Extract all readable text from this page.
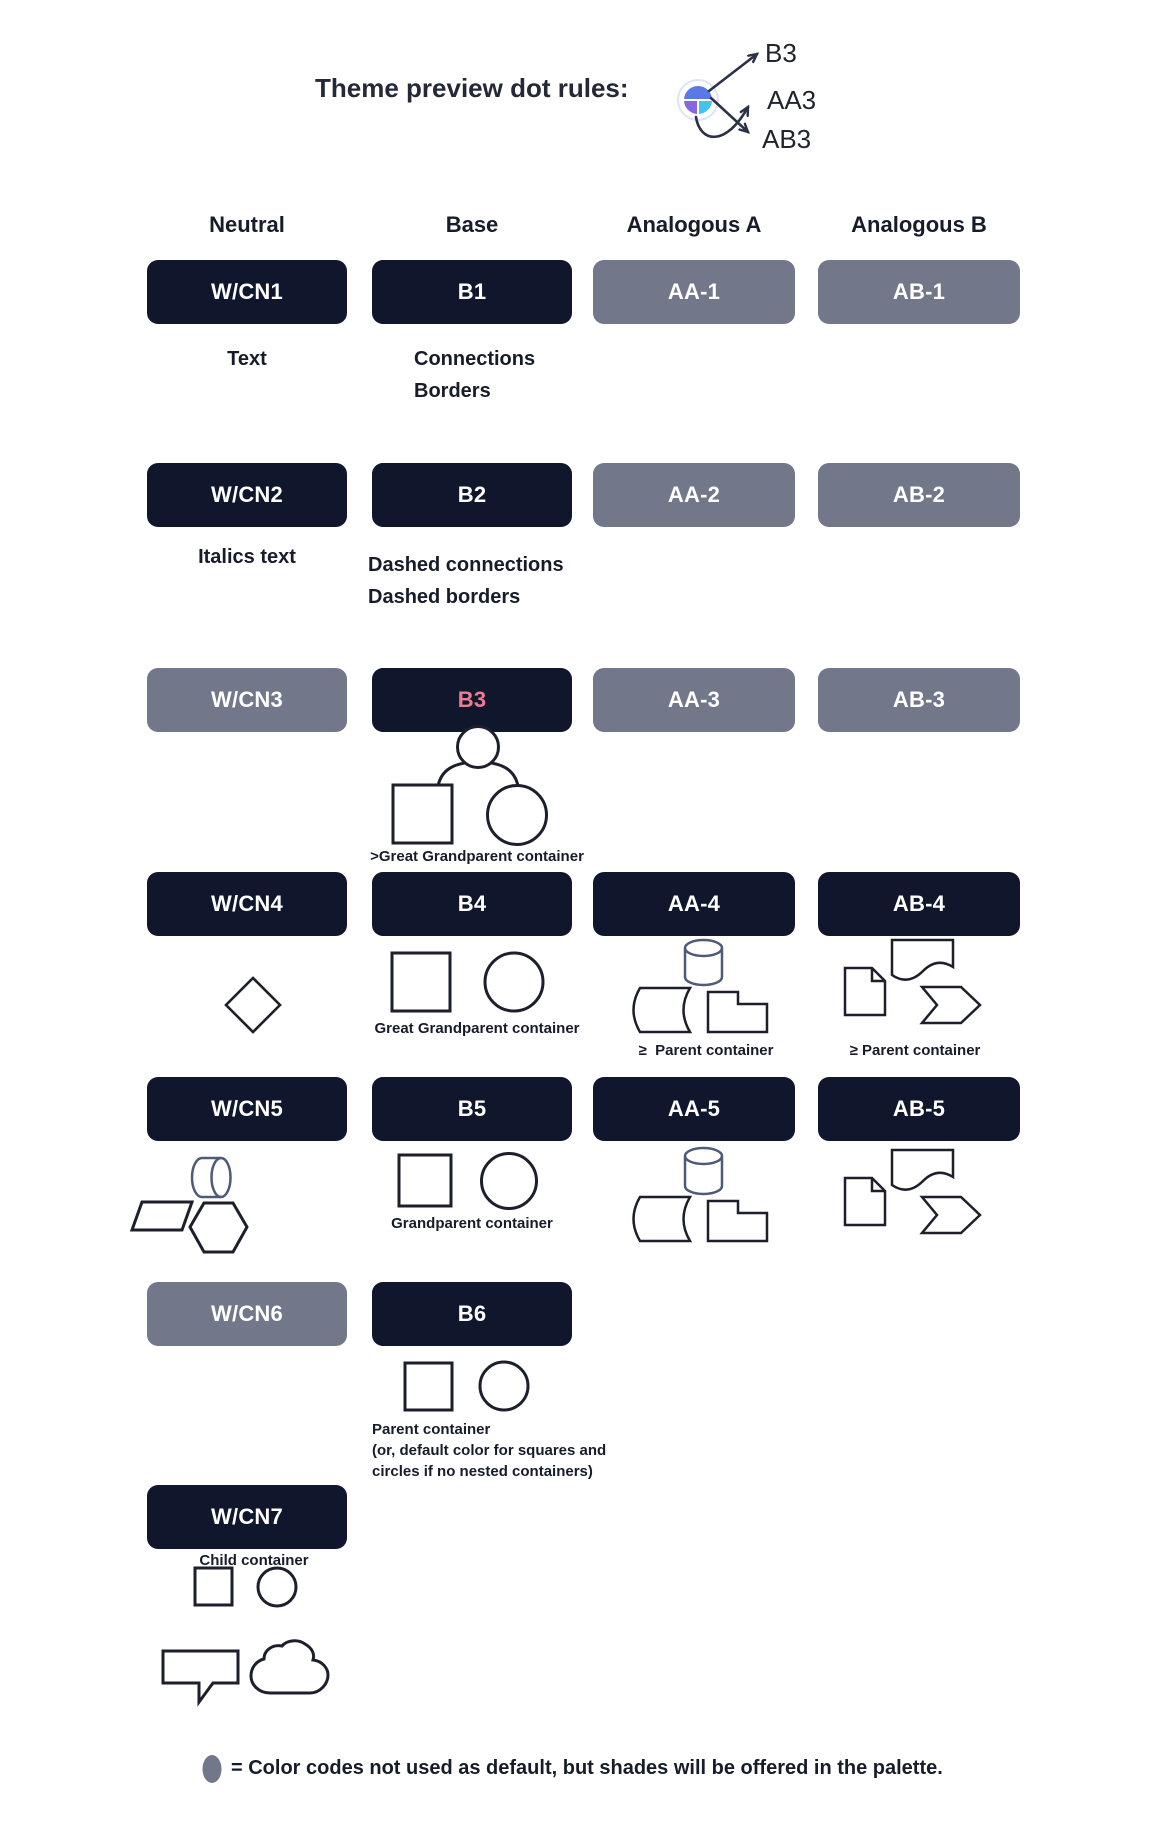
W/CN1	B1	AA-1	AB-1
W/CN2	B2	AA-2	AB-2
W/CN3	B3	AA-3	AB-3
W/CN4	B4	AA-4	AB-4
W/CN5	B5	AA-5	AB-5
W/CN6	B6
W/CN7
Theme preview dot rules:
B3
AA3
AB3
Neutral	Base	Analogous A	Analogous B
Text	Connections
Borders
Italics text	Dashed connections
Dashed borders
>Great Grandparent container
Great Grandparent container
≥  Parent container	≥ Parent container
Grandparent container
Parent container
(or, default color for squares and
circles if no nested containers)
Child container
= Color codes not used as default, but shades will be offered in the palette.
